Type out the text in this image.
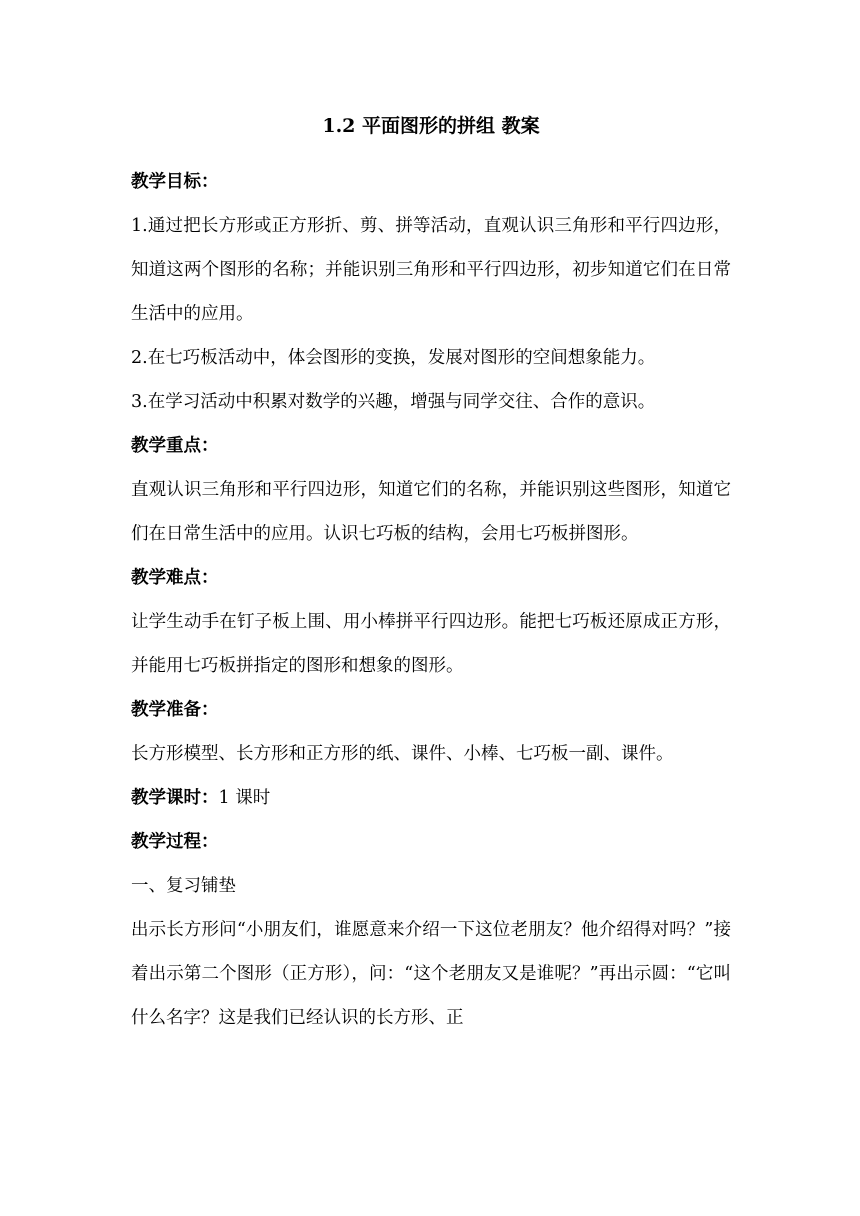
1.2 平面图形的拼组 教案
教学目标：
1.通过把长方形或正方形折、剪、拼等活动，直观认识三角形和平行四边形，知道这两个图形的名称；并能识别三角形和平行四边形，初步知道它们在日常生活中的应用。
2.在七巧板活动中，体会图形的变换，发展对图形的空间想象能力。
3.在学习活动中积累对数学的兴趣，增强与同学交往、合作的意识。
教学重点：
直观认识三角形和平行四边形，知道它们的名称，并能识别这些图形，知道它们在日常生活中的应用。认识七巧板的结构，会用七巧板拼图形。
教学难点：
让学生动手在钉子板上围、用小棒拼平行四边形。能把七巧板还原成正方形，并能用七巧板拼指定的图形和想象的图形。
教学准备：
长方形模型、长方形和正方形的纸、课件、小棒、七巧板一副、课件。
教学课时：1 课时
教学过程：
一、复习铺垫
出示长方形问“小朋友们，谁愿意来介绍一下这位老朋友？他介绍得对吗？”接着出示第二个图形（正方形），问：“这个老朋友又是谁呢？”再出示圆：“它叫什么名字？这是我们已经认识的长方形、正
